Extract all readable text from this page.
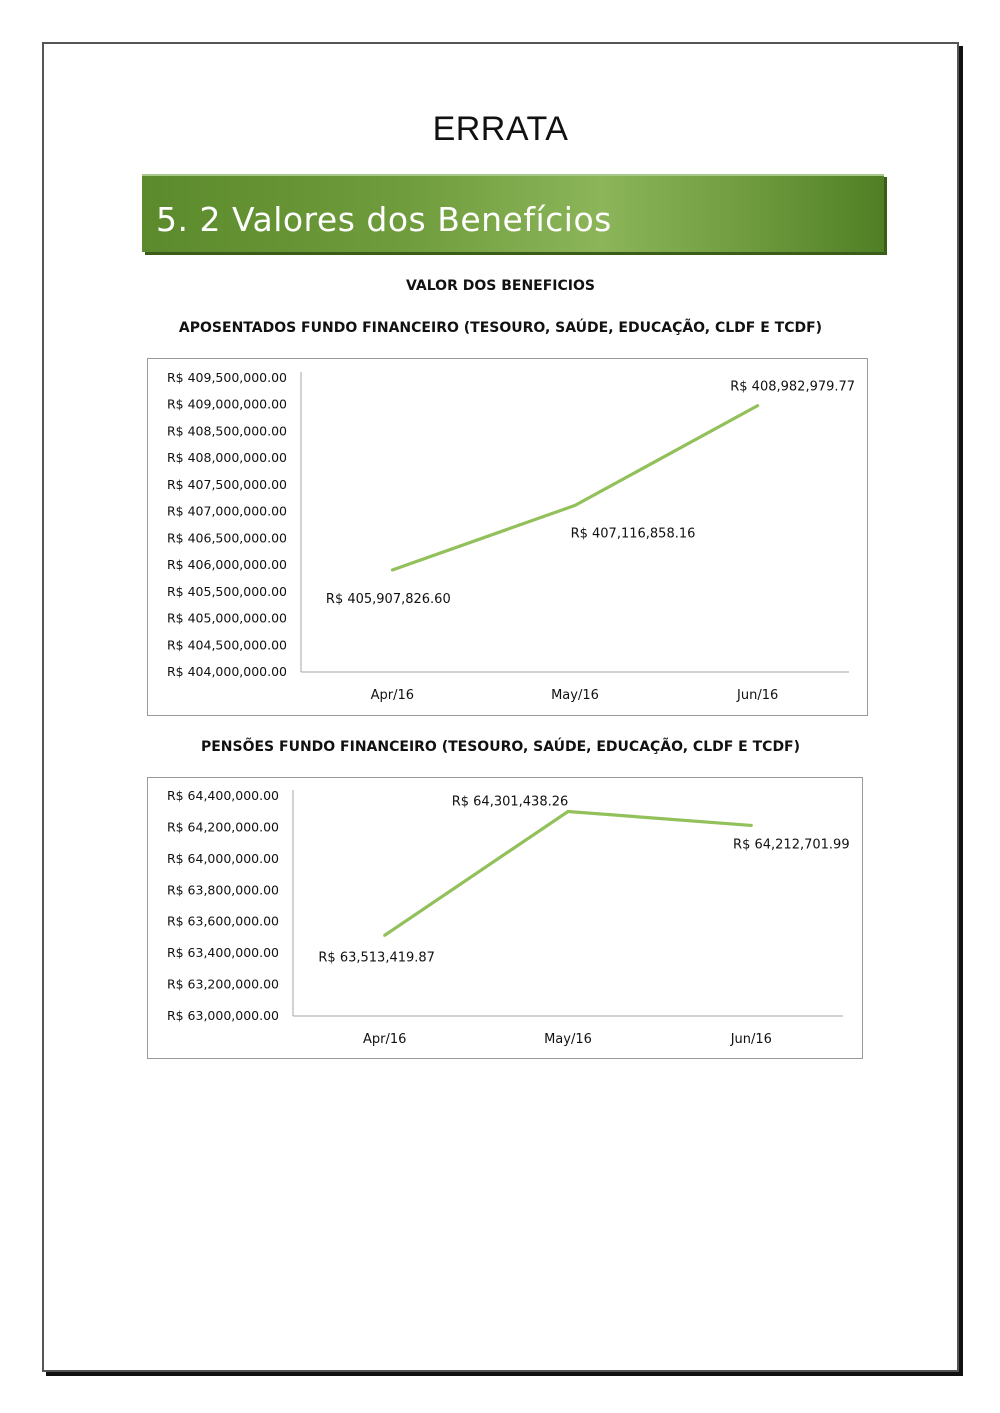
ERRATA
5. 2 Valores dos Benefícios
VALOR DOS BENEFICIOS
APOSENTADOS FUNDO FINANCEIRO (TESOURO, SAÚDE, EDUCAÇÃO, CLDF E TCDF)
R$ 404,000,000.00
R$ 404,500,000.00
R$ 405,000,000.00
R$ 405,500,000.00
R$ 406,000,000.00
R$ 406,500,000.00
R$ 407,000,000.00
R$ 407,500,000.00
R$ 408,000,000.00
R$ 408,500,000.00
R$ 409,000,000.00
R$ 409,500,000.00
Apr/16	May/16	Jun/16
R$ 405,907,826.60
R$ 407,116,858.16
R$ 408,982,979.77
PENSÕES FUNDO FINANCEIRO (TESOURO, SAÚDE, EDUCAÇÃO, CLDF E TCDF)
R$ 63,000,000.00
R$ 63,200,000.00
R$ 63,400,000.00
R$ 63,600,000.00
R$ 63,800,000.00
R$ 64,000,000.00
R$ 64,200,000.00
R$ 64,400,000.00
Apr/16	May/16	Jun/16
R$ 63,513,419.87
R$ 64,301,438.26
R$ 64,212,701.99
